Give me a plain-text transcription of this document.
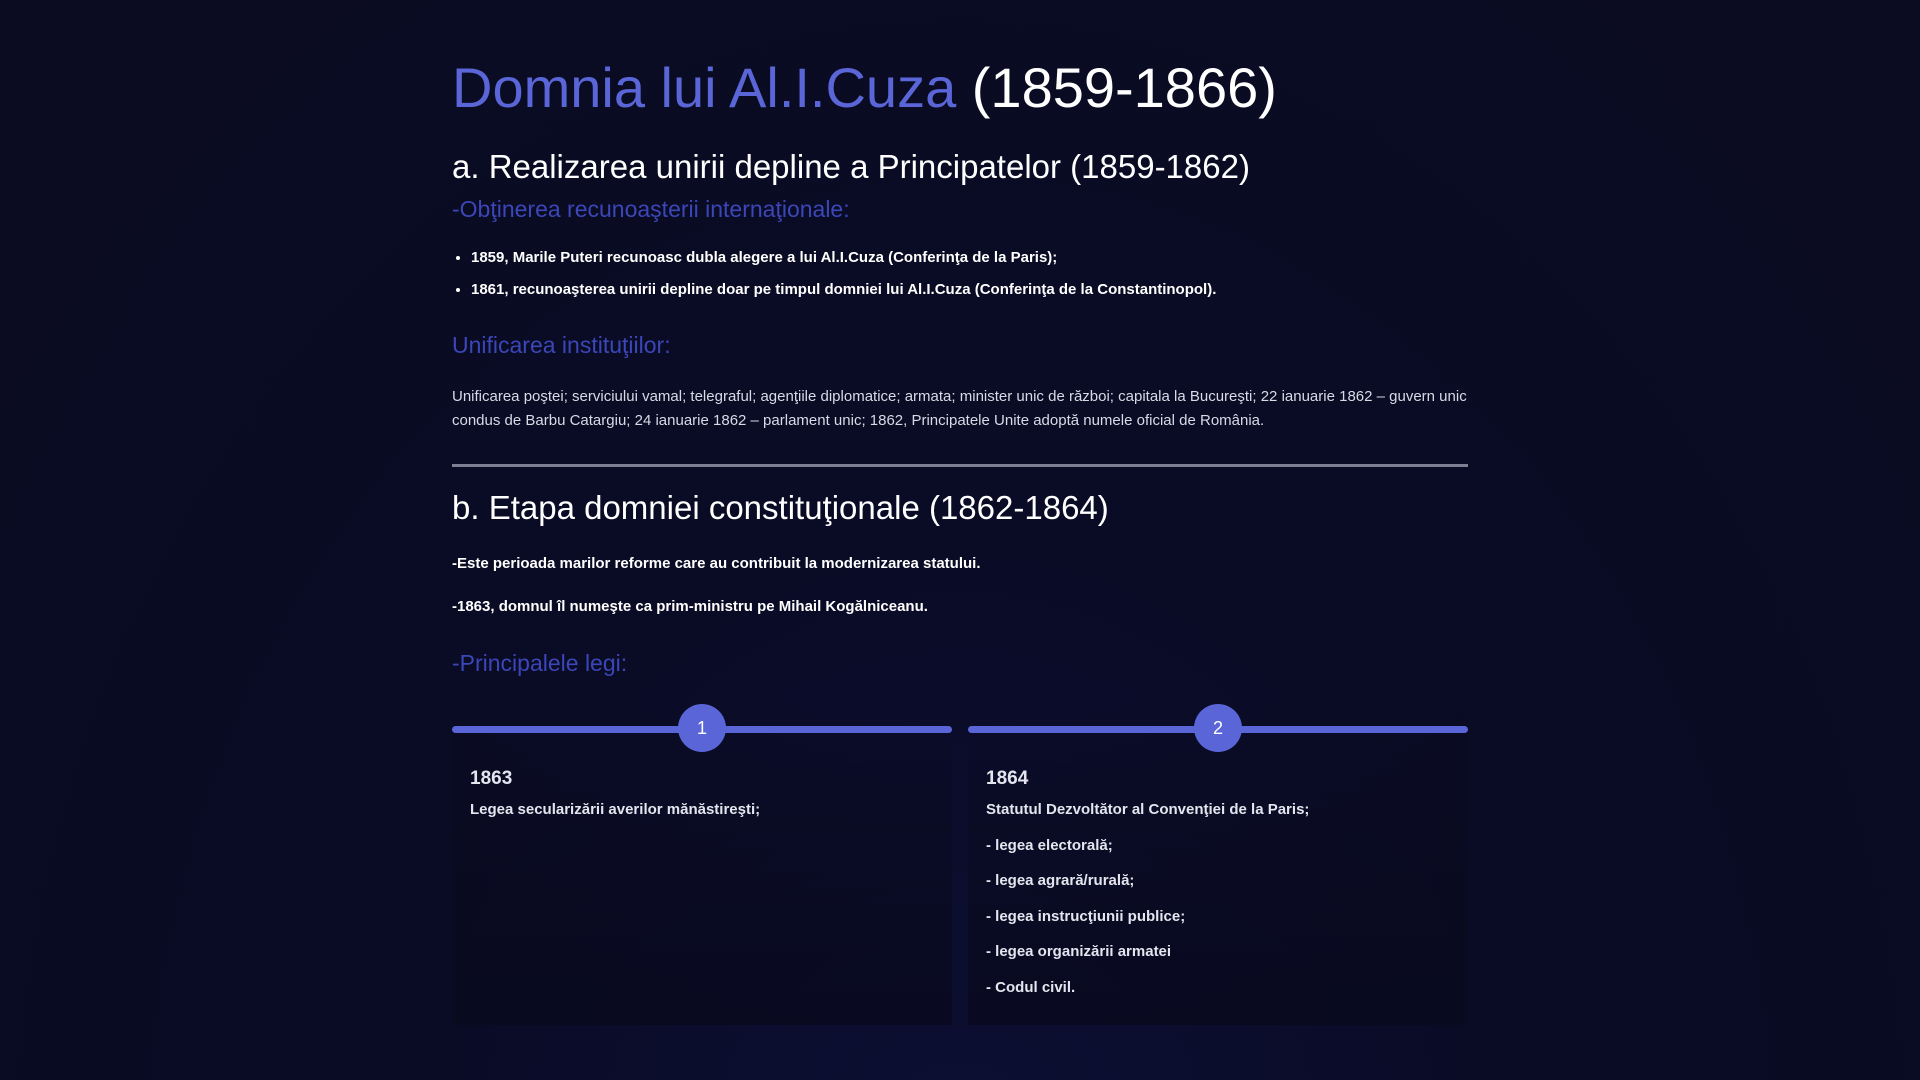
Domnia lui Al.I.Cuza (1859-1866)
a. Realizarea unirii depline a Principatelor (1859-1862)
-Obţinerea recunoaşterii internaţionale:
• 1859, Marile Puteri recunoasc dubla alegere a lui Al.I.Cuza (Conferinţa de la Paris);
• 1861, recunoaşterea unirii depline doar pe timpul domniei lui Al.I.Cuza (Conferinţa de la Constantinopol).
Unificarea instituţiilor:

Unificarea poştei; serviciului vamal; telegraful; agenţiile diplomatice; armata; minister unic de război; capitala la Bucureşti; 22 ianuarie 1862 – guvern unic condus de Barbu Catargiu; 24 ianuarie 1862 – parlament unic; 1862, Principatele Unite adoptă numele oficial de România.

b. Etapa domniei constituţionale (1862-1864)

-Este perioada marilor reforme care au contribuit la modernizarea statului.

-1863, domnul îl numeşte ca prim-ministru pe Mihail Kogălniceanu.

-Principalele legi:
1

1863

Legea secularizării averilor mănăstireşti;
2

1864

Statutul Dezvoltător al Convenţiei de la Paris;
- legea electorală;
- legea agrară/rurală;
- legea instrucţiunii publice;
- legea organizării armatei
- Codul civil.
